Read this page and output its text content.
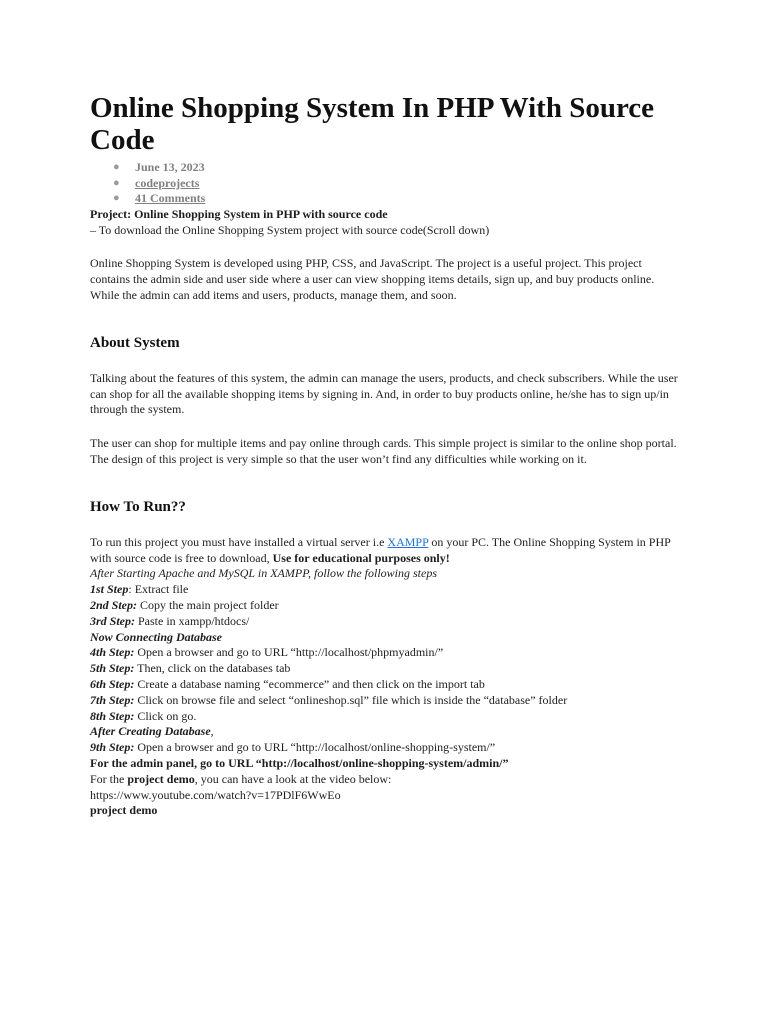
Online Shopping System In PHP With Source Code
● June 13, 2023
● codeprojects
● 41 Comments

Project: Online Shopping System in PHP with source code

– To download the Online Shopping System project with source code(Scroll down)

Online Shopping System is developed using PHP, CSS, and JavaScript. The project is a useful project. This project contains the admin side and user side where a user can view shopping items details, sign up, and buy products online. While the admin can add items and users, products, manage them, and soon.

About System

Talking about the features of this system, the admin can manage the users, products, and check subscribers. While the user can shop for all the available shopping items by signing in. And, in order to buy products online, he/she has to sign up/in through the system.

The user can shop for multiple items and pay online through cards. This simple project is similar to the online shop portal. The design of this project is very simple so that the user won’t find any difficulties while working on it.

How To Run??

To run this project you must have installed a virtual server i.e XAMPP on your PC. The Online Shopping System in PHP with source code is free to download, Use for educational purposes only!

After Starting Apache and MySQL in XAMPP, follow the following steps
1st Step: Extract file
2nd Step: Copy the main project folder
3rd Step: Paste in xampp/htdocs/
Now Connecting Database
4th Step: Open a browser and go to URL “http://localhost/phpmyadmin/”
5th Step: Then, click on the databases tab
6th Step: Create a database naming “ecommerce” and then click on the import tab
7th Step: Click on browse file and select “onlineshop.sql” file which is inside the “database” folder
8th Step: Click on go.
After Creating Database,
9th Step: Open a browser and go to URL “http://localhost/online-shopping-system/”
For the admin panel, go to URL “http://localhost/online-shopping-system/admin/”
For the project demo, you can have a look at the video below:
https://www.youtube.com/watch?v=17PDlF6WwEo
project demo
